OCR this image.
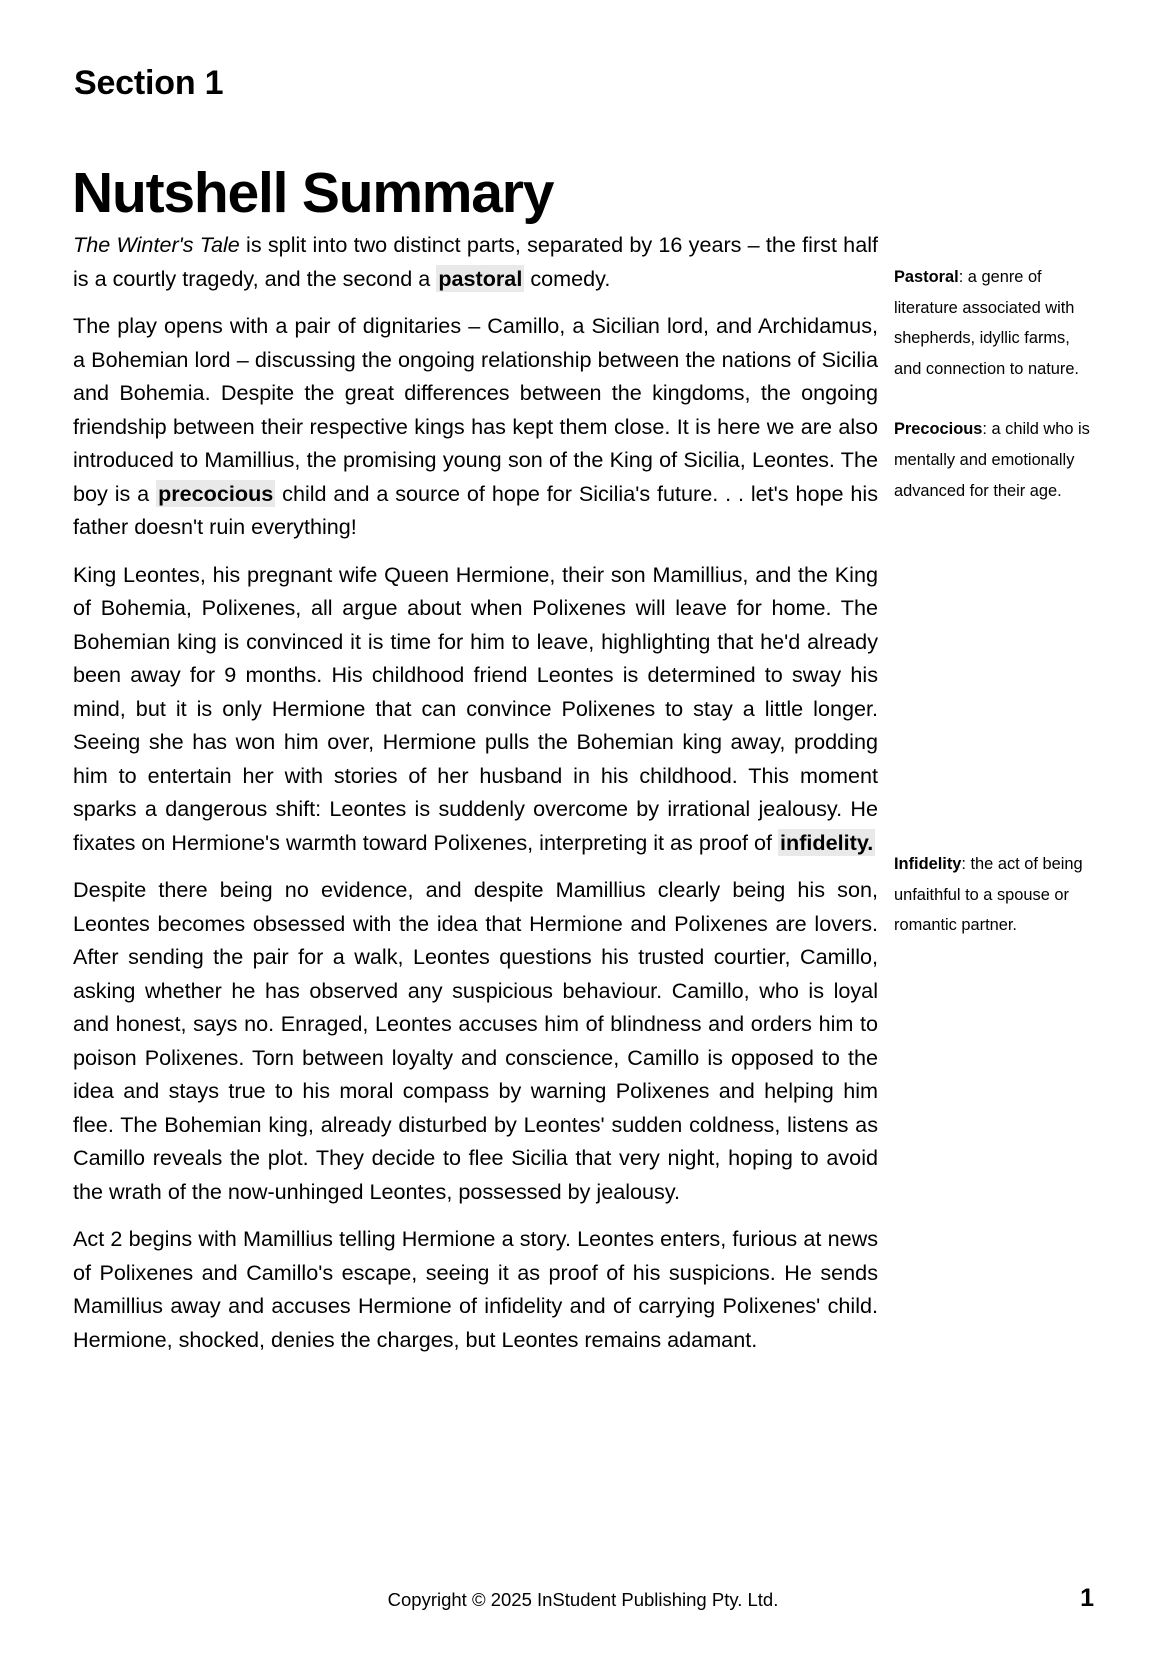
Section 1
Nutshell Summary

The Winter's Tale is split into two distinct parts, separated by 16 years – the first half is a courtly tragedy, and the second a pastoral comedy.

The play opens with a pair of dignitaries – Camillo, a Sicilian lord, and Archidamus, a Bohemian lord – discussing the ongoing relationship between the nations of Sicilia and Bohemia. Despite the great differences between the kingdoms, the ongoing friendship between their respective kings has kept them close. It is here we are also introduced to Mamillius, the promising young son of the King of Sicilia, Leontes. The boy is a precocious child and a source of hope for Sicilia's future. . . let's hope his father doesn't ruin everything!

King Leontes, his pregnant wife Queen Hermione, their son Mamillius, and the King of Bohemia, Polixenes, all argue about when Polixenes will leave for home. The Bohemian king is convinced it is time for him to leave, highlighting that he'd already been away for 9 months. His childhood friend Leontes is determined to sway his mind, but it is only Hermione that can convince Polixenes to stay a little longer. Seeing she has won him over, Hermione pulls the Bohemian king away, prodding him to entertain her with stories of her husband in his childhood. This moment sparks a dangerous shift: Leontes is suddenly overcome by irrational jealousy. He fixates on Hermione's warmth toward Polixenes, interpreting it as proof of infidelity.

Despite there being no evidence, and despite Mamillius clearly being his son, Leontes becomes obsessed with the idea that Hermione and Polixenes are lovers. After sending the pair for a walk, Leontes questions his trusted courtier, Camillo, asking whether he has observed any suspicious behaviour. Camillo, who is loyal and honest, says no. Enraged, Leontes accuses him of blindness and orders him to poison Polixenes. Torn between loyalty and conscience, Camillo is opposed to the idea and stays true to his moral compass by warning Polixenes and helping him flee. The Bohemian king, already disturbed by Leontes' sudden coldness, listens as Camillo reveals the plot. They decide to flee Sicilia that very night, hoping to avoid the wrath of the now-unhinged Leontes, possessed by jealousy.

Act 2 begins with Mamillius telling Hermione a story. Leontes enters, furious at news of Polixenes and Camillo's escape, seeing it as proof of his suspicions. He sends Mamillius away and accuses Hermione of infidelity and of carrying Polixenes' child. Hermione, shocked, denies the charges, but Leontes remains adamant.

Pastoral: a genre of literature associated with shepherds, idyllic farms, and connection to nature.
Precocious: a child who is mentally and emotionally advanced for their age.
Infidelity: the act of being unfaithful to a spouse or romantic partner.
Copyright © 2025 InStudent Publishing Pty. Ltd.	1
